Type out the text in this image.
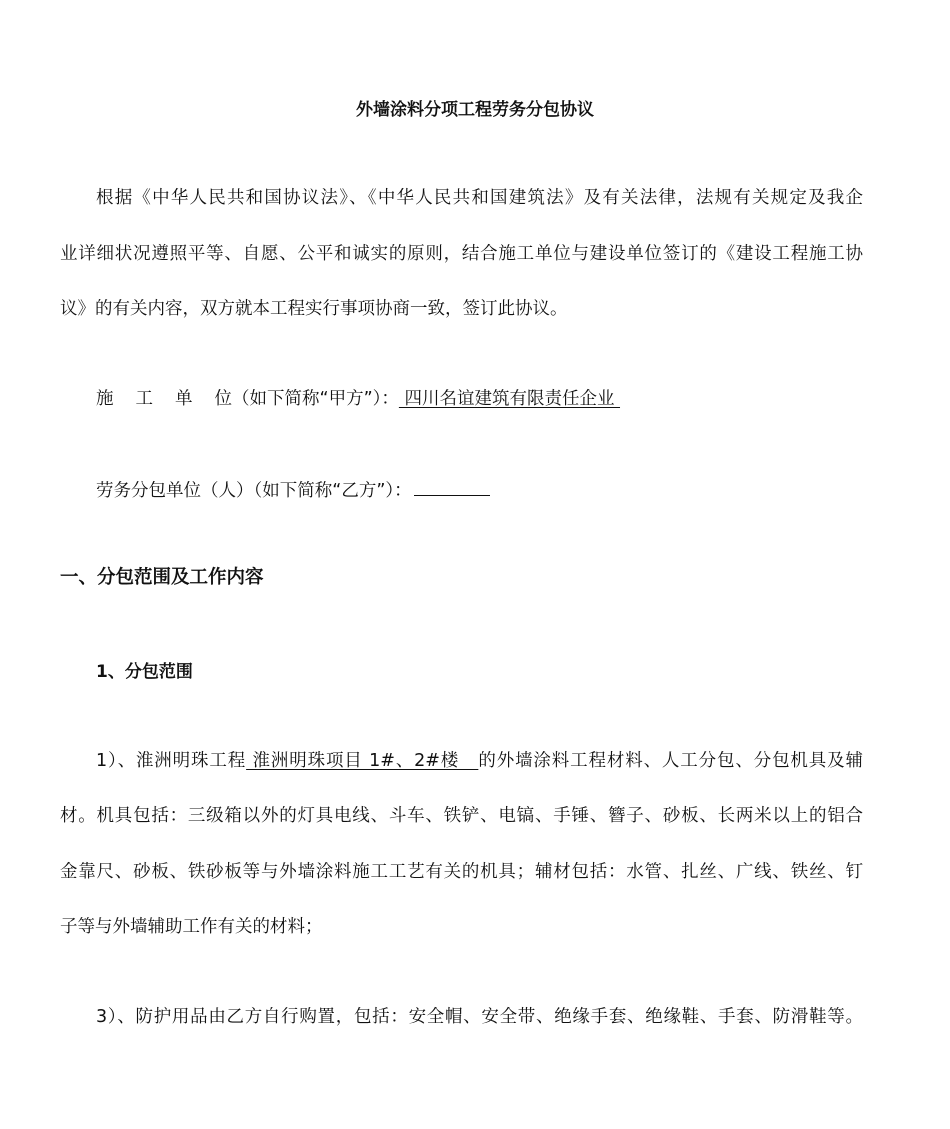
外墙涂料分项工程劳务分包协议
根据《中华人民共和国协议法》、《中华人民共和国建筑法》及有关法律，法规有关规定及我企
业详细状况遵照平等、自愿、公平和诚实的原则，结合施工单位与建设单位签订的《建设工程施工协
议》的有关内容，双方就本工程实行事项协商一致，签订此协议。
施 工 单 位（如下简称“甲方”）： 四川名谊建筑有限责任企业
劳务分包单位（人）（如下简称“乙方”）：
一、分包范围及工作内容
1、分包范围
1）、淮洲明珠工程 淮洲明珠项目 1#、2#楼   的外墙涂料工程材料、人工分包、分包机具及辅
材。机具包括：三级箱以外的灯具电线、斗车、铁铲、电镐、手锤、簪子、砂板、长两米以上的铝合
金靠尺、砂板、铁砂板等与外墙涂料施工工艺有关的机具；辅材包括：水管、扎丝、广线、铁丝、钉
子等与外墙辅助工作有关的材料；
3）、防护用品由乙方自行购置，包括：安全帽、安全带、绝缘手套、绝缘鞋、手套、防滑鞋等。
